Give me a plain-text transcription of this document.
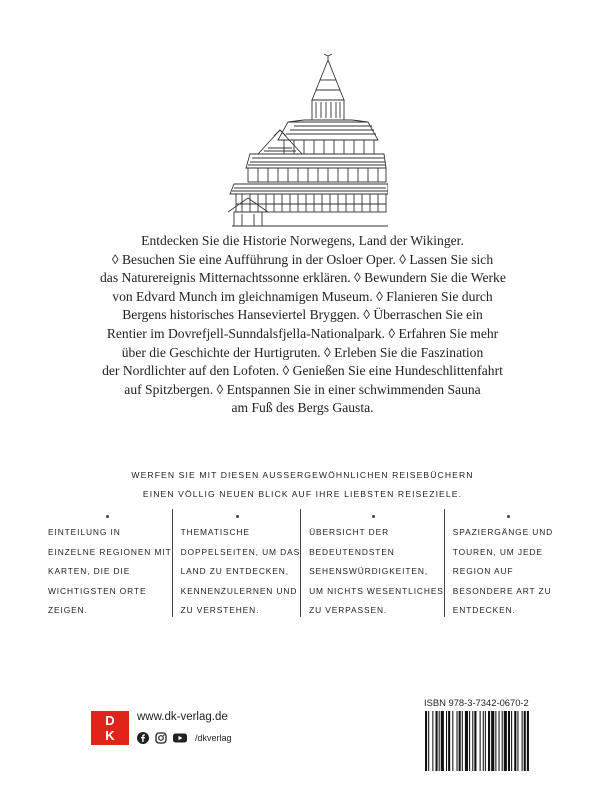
Entdecken Sie die Historie Norwegens, Land der Wikinger.

◊ Besuchen Sie eine Aufführung in der Osloer Oper. ◊ Lassen Sie sich

das Naturereignis Mitternachtssonne erklären. ◊ Bewundern Sie die Werke

von Edvard Munch im gleichnamigen Museum. ◊ Flanieren Sie durch

Bergens historisches Hanseviertel Bryggen. ◊ Überraschen Sie ein

Rentier im Dovrefjell-Sunndalsfjella-Nationalpark. ◊ Erfahren Sie mehr

über die Geschichte der Hurtigruten. ◊ Erleben Sie die Faszination

der Nordlichter auf den Lofoten. ◊ Genießen Sie eine Hundeschlittenfahrt

auf Spitzbergen. ◊ Entspannen Sie in einer schwimmenden Sauna

am Fuß des Bergs Gausta.

WERFEN SIE MIT DIESEN AUSSERGEWÖHNLICHEN REISEBÜCHERN
EINEN VÖLLIG NEUEN BLICK AUF IHRE LIEBSTEN REISEZIELE.
EINTEILUNG IN
EINZELNE REGIONEN MIT
KARTEN, DIE DIE
WICHTIGSTEN ORTE
ZEIGEN.
THEMATISCHE
DOPPELSEITEN, UM DAS
LAND ZU ENTDECKEN,
KENNENZULERNEN UND
ZU VERSTEHEN.
ÜBERSICHT DER
BEDEUTENDSTEN
SEHENSWÜRDIGKEITEN,
UM NICHTS WESENTLICHES
ZU VERPASSEN.
SPAZIERGÄNGE UND
TOUREN, UM JEDE
REGION AUF
BESONDERE ART ZU
ENTDECKEN.
D
K
www.dk-verlag.de
/dkverlag
ISBN 978-3-7342-0670-2
